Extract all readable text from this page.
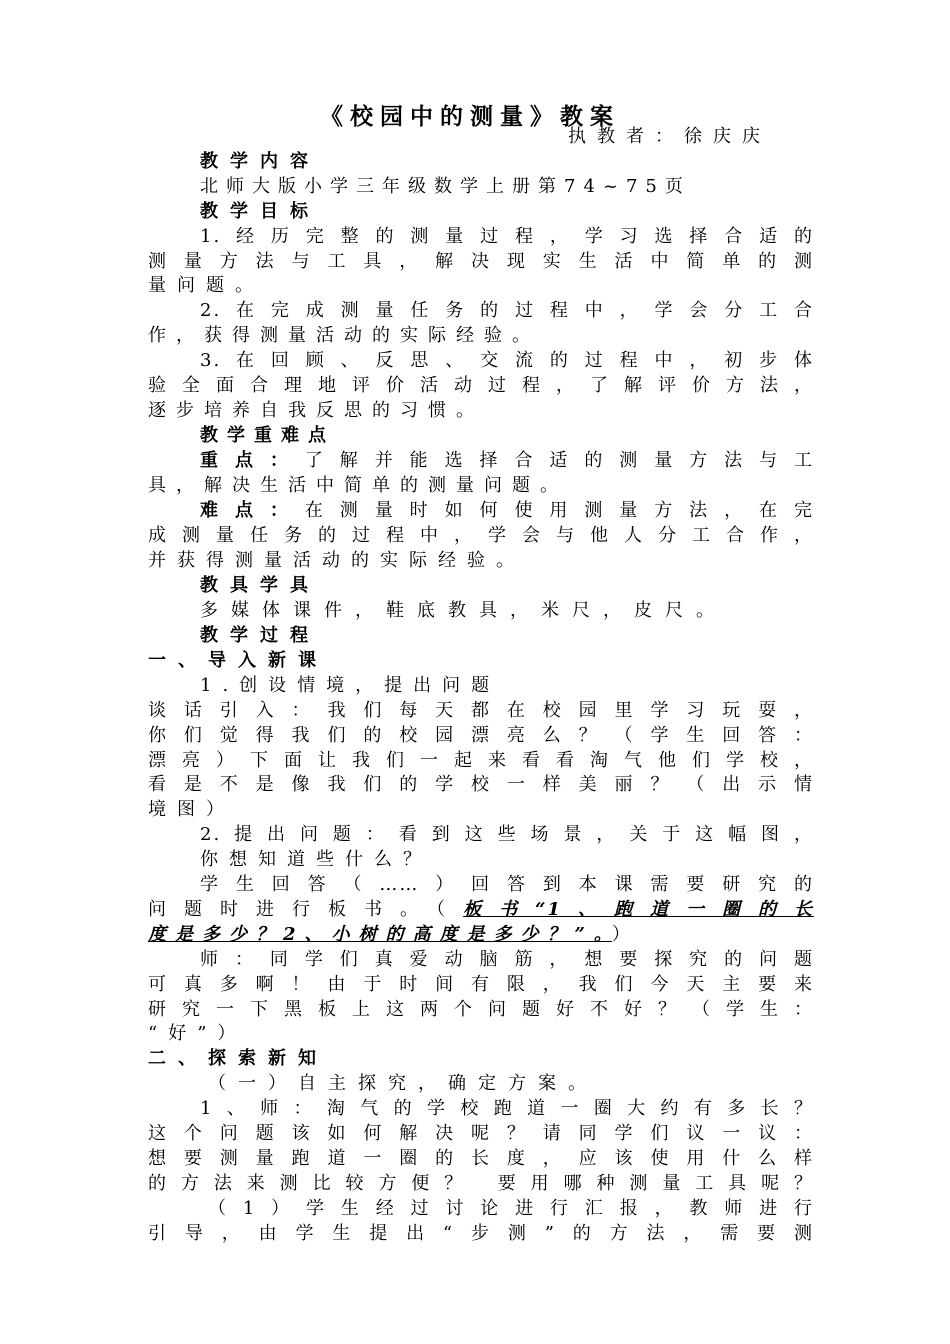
《校园中的测量》教案
执教者：徐庆庆
教学内容
北师大版小学三年级数学上册第74~75页
教学目标
1.经历完整的测量过程，学习选择合适的
测量方法与工具，解决现实生活中简单的测
量问题。
2.在完成测量任务的过程中，学会分工合
作，获得测量活动的实际经验。
3.在回顾、反思、交流的过程中，初步体
验全面合理地评价活动过程，了解评价方法，
逐步培养自我反思的习惯。
教学重难点
重点：了解并能选择合适的测量方法与工
具，解决生活中简单的测量问题。
难点：在测量时如何使用测量方法，在完
成测量任务的过程中，学会与他人分工合作，
并获得测量活动的实际经验。
教具学具
多媒体课件，鞋底教具，米尺，皮尺。
教学过程
一、导入新课
1.创设情境，提出问题
谈话引入：我们每天都在校园里学习玩耍，
你们觉得我们的校园漂亮么？（学生回答：
漂亮）下面让我们一起来看看淘气他们学校，
看是不是像我们的学校一样美丽？（出示情
境图）
2.提出问题：看到这些场景，关于这幅图，
你想知道些什么？
学生回答（……）回答到本课需要研究的
问题时进行板书。（板书“1、跑道一圈的长
度是多少？2、小树的高度是多少？”。）
师：同学们真爱动脑筋，想要探究的问题
可真多啊！由于时间有限，我们今天主要来
研究一下黑板上这两个问题好不好？（学生：
“好”）
二、探索新知
（一）自主探究，确定方案。
1、师：淘气的学校跑道一圈大约有多长？
这个问题该如何解决呢？请同学们议一议：
想要测量跑道一圈的长度，应该使用什么样
的方法来测比较方便？ 要用哪种测量工具呢？
（1）学生经过讨论进行汇报，教师进行
引导，由学生提出“步测”的方法，需要测
